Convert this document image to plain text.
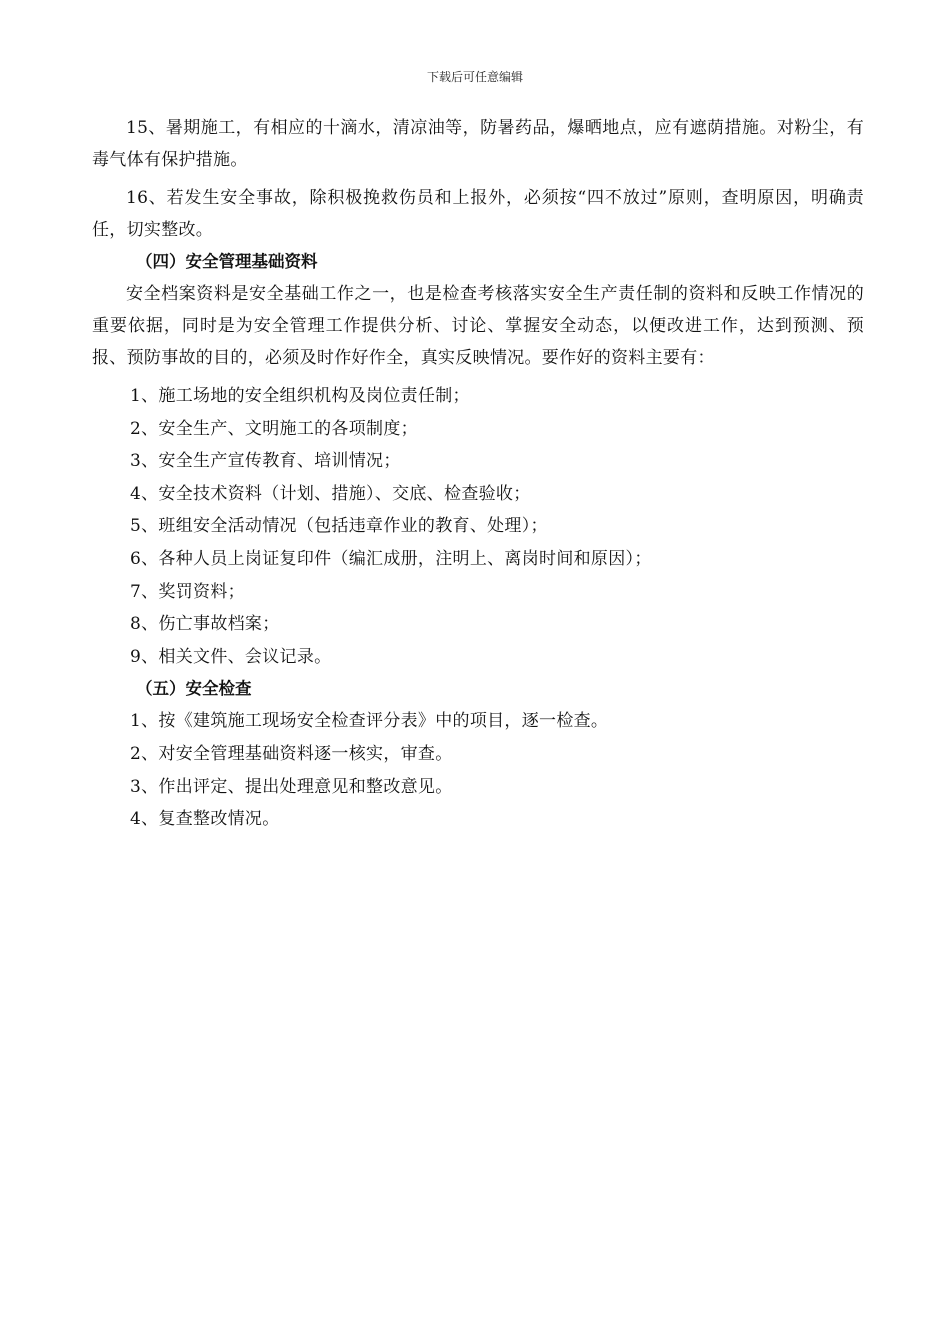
下载后可任意编辑

15、暑期施工，有相应的十滴水，清凉油等，防暑药品，爆晒地点，应有遮荫措施。对粉尘，有毒气体有保护措施。

16、若发生安全事故，除积极挽救伤员和上报外，必须按“四不放过”原则，查明原因，明确责任，切实整改。

（四）安全管理基础资料

安全档案资料是安全基础工作之一，也是检查考核落实安全生产责任制的资料和反映工作情况的重要依据，同时是为安全管理工作提供分析、讨论、掌握安全动态，以便改进工作，达到预测、预报、预防事故的目的，必须及时作好作全，真实反映情况。要作好的资料主要有：

1、施工场地的安全组织机构及岗位责任制；
2、安全生产、文明施工的各项制度；
3、安全生产宣传教育、培训情况；
4、安全技术资料（计划、措施）、交底、检查验收；
5、班组安全活动情况（包括违章作业的教育、处理）；
6、各种人员上岗证复印件（编汇成册，注明上、离岗时间和原因）；
7、奖罚资料；
8、伤亡事故档案；
9、相关文件、会议记录。
（五）安全检查
1、按《建筑施工现场安全检查评分表》中的项目，逐一检查。
2、对安全管理基础资料逐一核实，审查。
3、作出评定、提出处理意见和整改意见。
4、复查整改情况。
